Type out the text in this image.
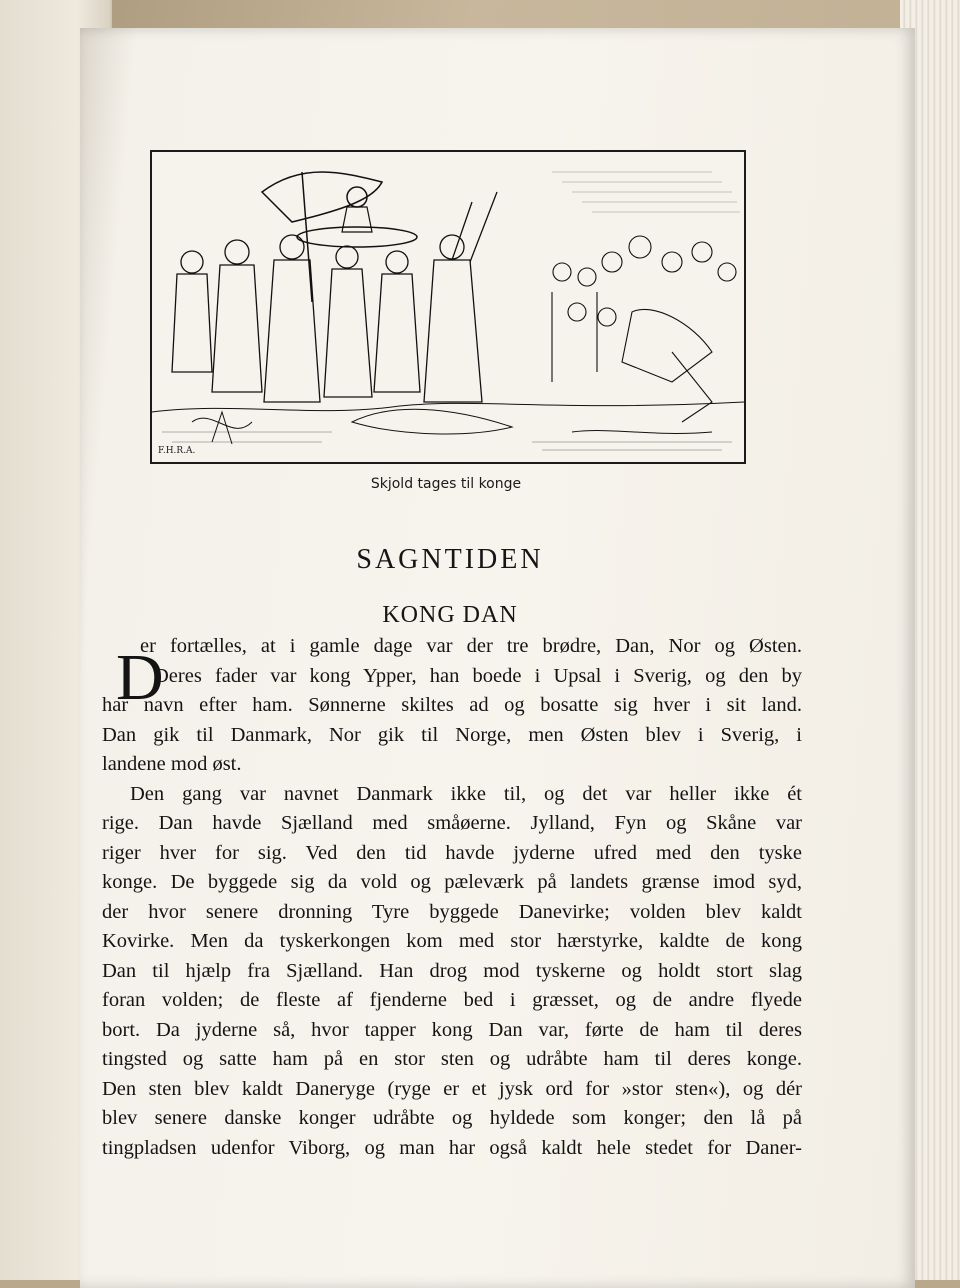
F.H.R.A.
Skjold tages til konge
SAGNTIDEN
KONG DAN
D
er fortælles, at i gamle dage var der tre brødre, Dan, Nor og Østen.
Deres fader var kong Ypper, han boede i Upsal i Sverig, og den by
har navn efter ham. Sønnerne skiltes ad og bosatte sig hver i sit land.
Dan gik til Danmark, Nor gik til Norge, men Østen blev i Sverig, i
landene mod øst.
Den gang var navnet Danmark ikke til, og det var heller ikke ét
rige. Dan havde Sjælland med småøerne. Jylland, Fyn og Skåne var
riger hver for sig. Ved den tid havde jyderne ufred med den tyske
konge. De byggede sig da vold og pæleværk på landets grænse imod syd,
der hvor senere dronning Tyre byggede Danevirke; volden blev kaldt
Kovirke. Men da tyskerkongen kom med stor hærstyrke, kaldte de kong
Dan til hjælp fra Sjælland. Han drog mod tyskerne og holdt stort slag
foran volden; de fleste af fjenderne bed i græsset, og de andre flyede
bort. Da jyderne så, hvor tapper kong Dan var, førte de ham til deres
tingsted og satte ham på en stor sten og udråbte ham til deres konge.
Den sten blev kaldt Daneryge (ryge er et jysk ord for »stor sten«), og dér
blev senere danske konger udråbte og hyldede som konger; den lå på
tingpladsen udenfor Viborg, og man har også kaldt hele stedet for Daner-
